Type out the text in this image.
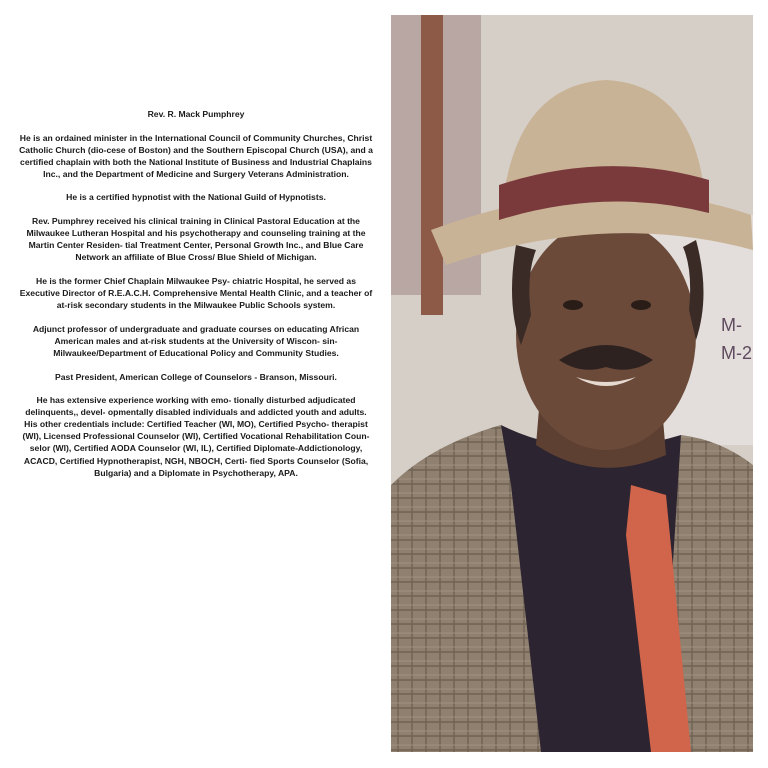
Rev. R. Mack Pumphrey

He is an ordained minister in the International Council of Community Churches, Christ Catholic Church (dio-cese of Boston) and the Southern Episcopal Church (USA), and a certified chaplain with both the National Institute of Business and Industrial Chaplains Inc., and the Department of Medicine and Surgery Veterans Administration.

He is a certified hypnotist with the National Guild of Hypnotists.

Rev. Pumphrey received his clinical training in Clinical Pastoral Education at the Milwaukee Lutheran Hospital and his psychotherapy and counseling training at the Martin Center Residen- tial Treatment Center, Personal Growth Inc., and Blue Care Network an affiliate of Blue Cross/ Blue Shield of Michigan.

He is the former Chief Chaplain Milwaukee Psy- chiatric Hospital, he served as Executive Director of R.E.A.C.H. Comprehensive Mental Health Clinic, and a teacher of at-risk secondary students in the Milwaukee Public Schools system.

Adjunct professor of undergraduate and graduate courses on educating African American males and at-risk students at the University of Wiscon- sin-Milwaukee/Department of Educational Policy and Community Studies.

Past President, American College of Counselors - Branson, Missouri.

He has extensive experience working with emo- tionally disturbed adjudicated delinquents,, devel- opmentally disabled individuals and addicted youth and adults. His other credentials include: Certified Teacher (WI, MO), Certified Psycho- therapist (WI), Licensed Professional Counselor (WI), Certified Vocational Rehabilitation Coun- selor (WI), Certified AODA Counselor (WI, IL), Certified Diplomate-Addictionology, ACACD, Certified Hypnotherapist, NGH, NBOCH, Certi- fied Sports Counselor (Sofia, Bulgaria) and a Diplomate in Psychotherapy, APA.

M-
M-2
